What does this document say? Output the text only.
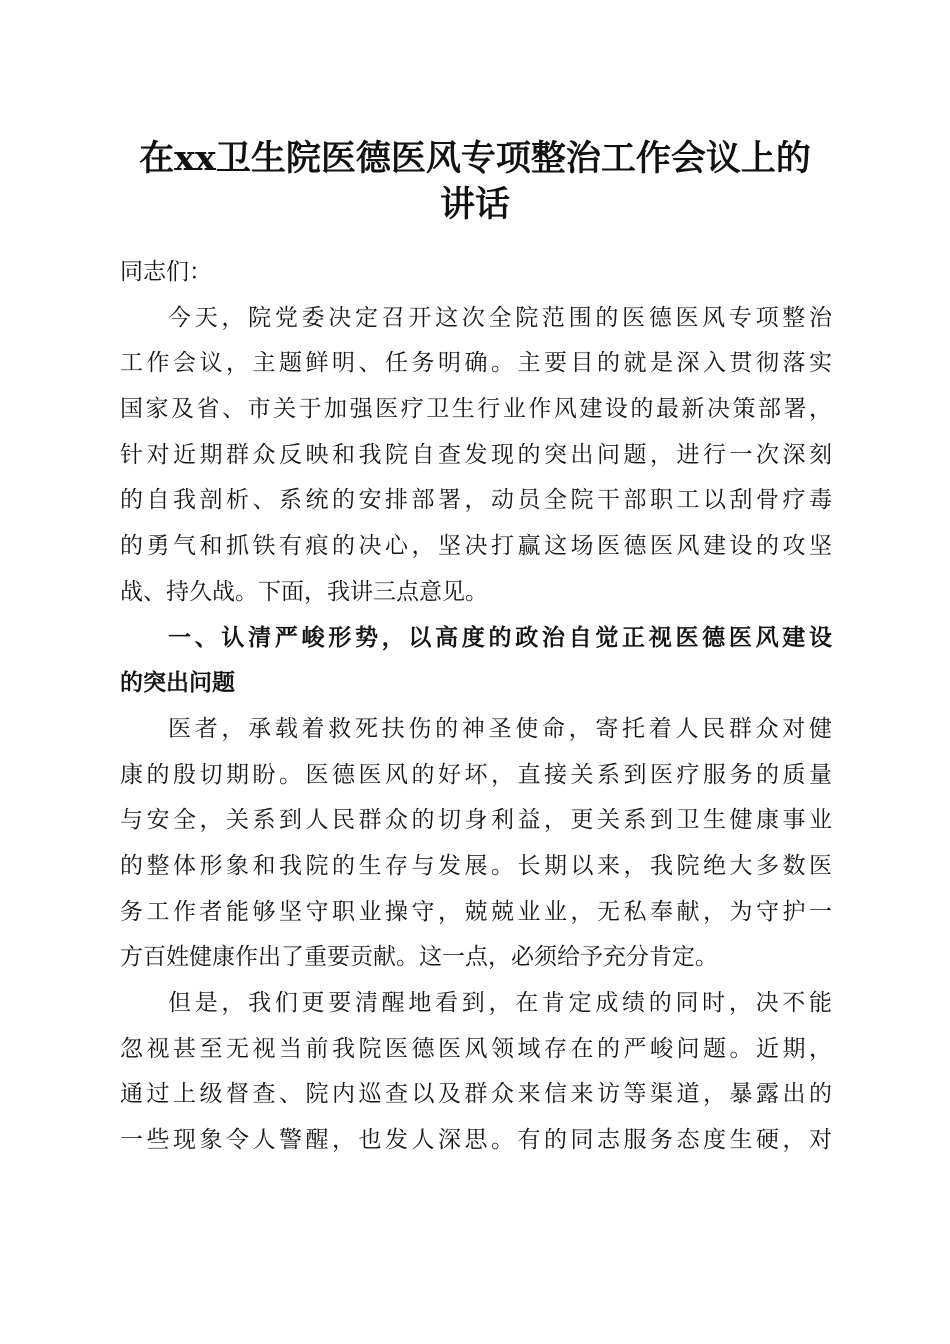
在xx卫生院医德医风专项整治工作会议上的
讲话
同志们：
今天，院党委决定召开这次全院范围的医德医风专项整治
工作会议，主题鲜明、任务明确。主要目的就是深入贯彻落实
国家及省、市关于加强医疗卫生行业作风建设的最新决策部署，
针对近期群众反映和我院自查发现的突出问题，进行一次深刻
的自我剖析、系统的安排部署，动员全院干部职工以刮骨疗毒
的勇气和抓铁有痕的决心，坚决打赢这场医德医风建设的攻坚
战、持久战。下面，我讲三点意见。
一、认清严峻形势，以高度的政治自觉正视医德医风建设
的突出问题
医者，承载着救死扶伤的神圣使命，寄托着人民群众对健
康的殷切期盼。医德医风的好坏，直接关系到医疗服务的质量
与安全，关系到人民群众的切身利益，更关系到卫生健康事业
的整体形象和我院的生存与发展。长期以来，我院绝大多数医
务工作者能够坚守职业操守，兢兢业业，无私奉献，为守护一
方百姓健康作出了重要贡献。这一点，必须给予充分肯定。
但是，我们更要清醒地看到，在肯定成绩的同时，决不能
忽视甚至无视当前我院医德医风领域存在的严峻问题。近期，
通过上级督查、院内巡查以及群众来信来访等渠道，暴露出的
一些现象令人警醒，也发人深思。有的同志服务态度生硬，对
